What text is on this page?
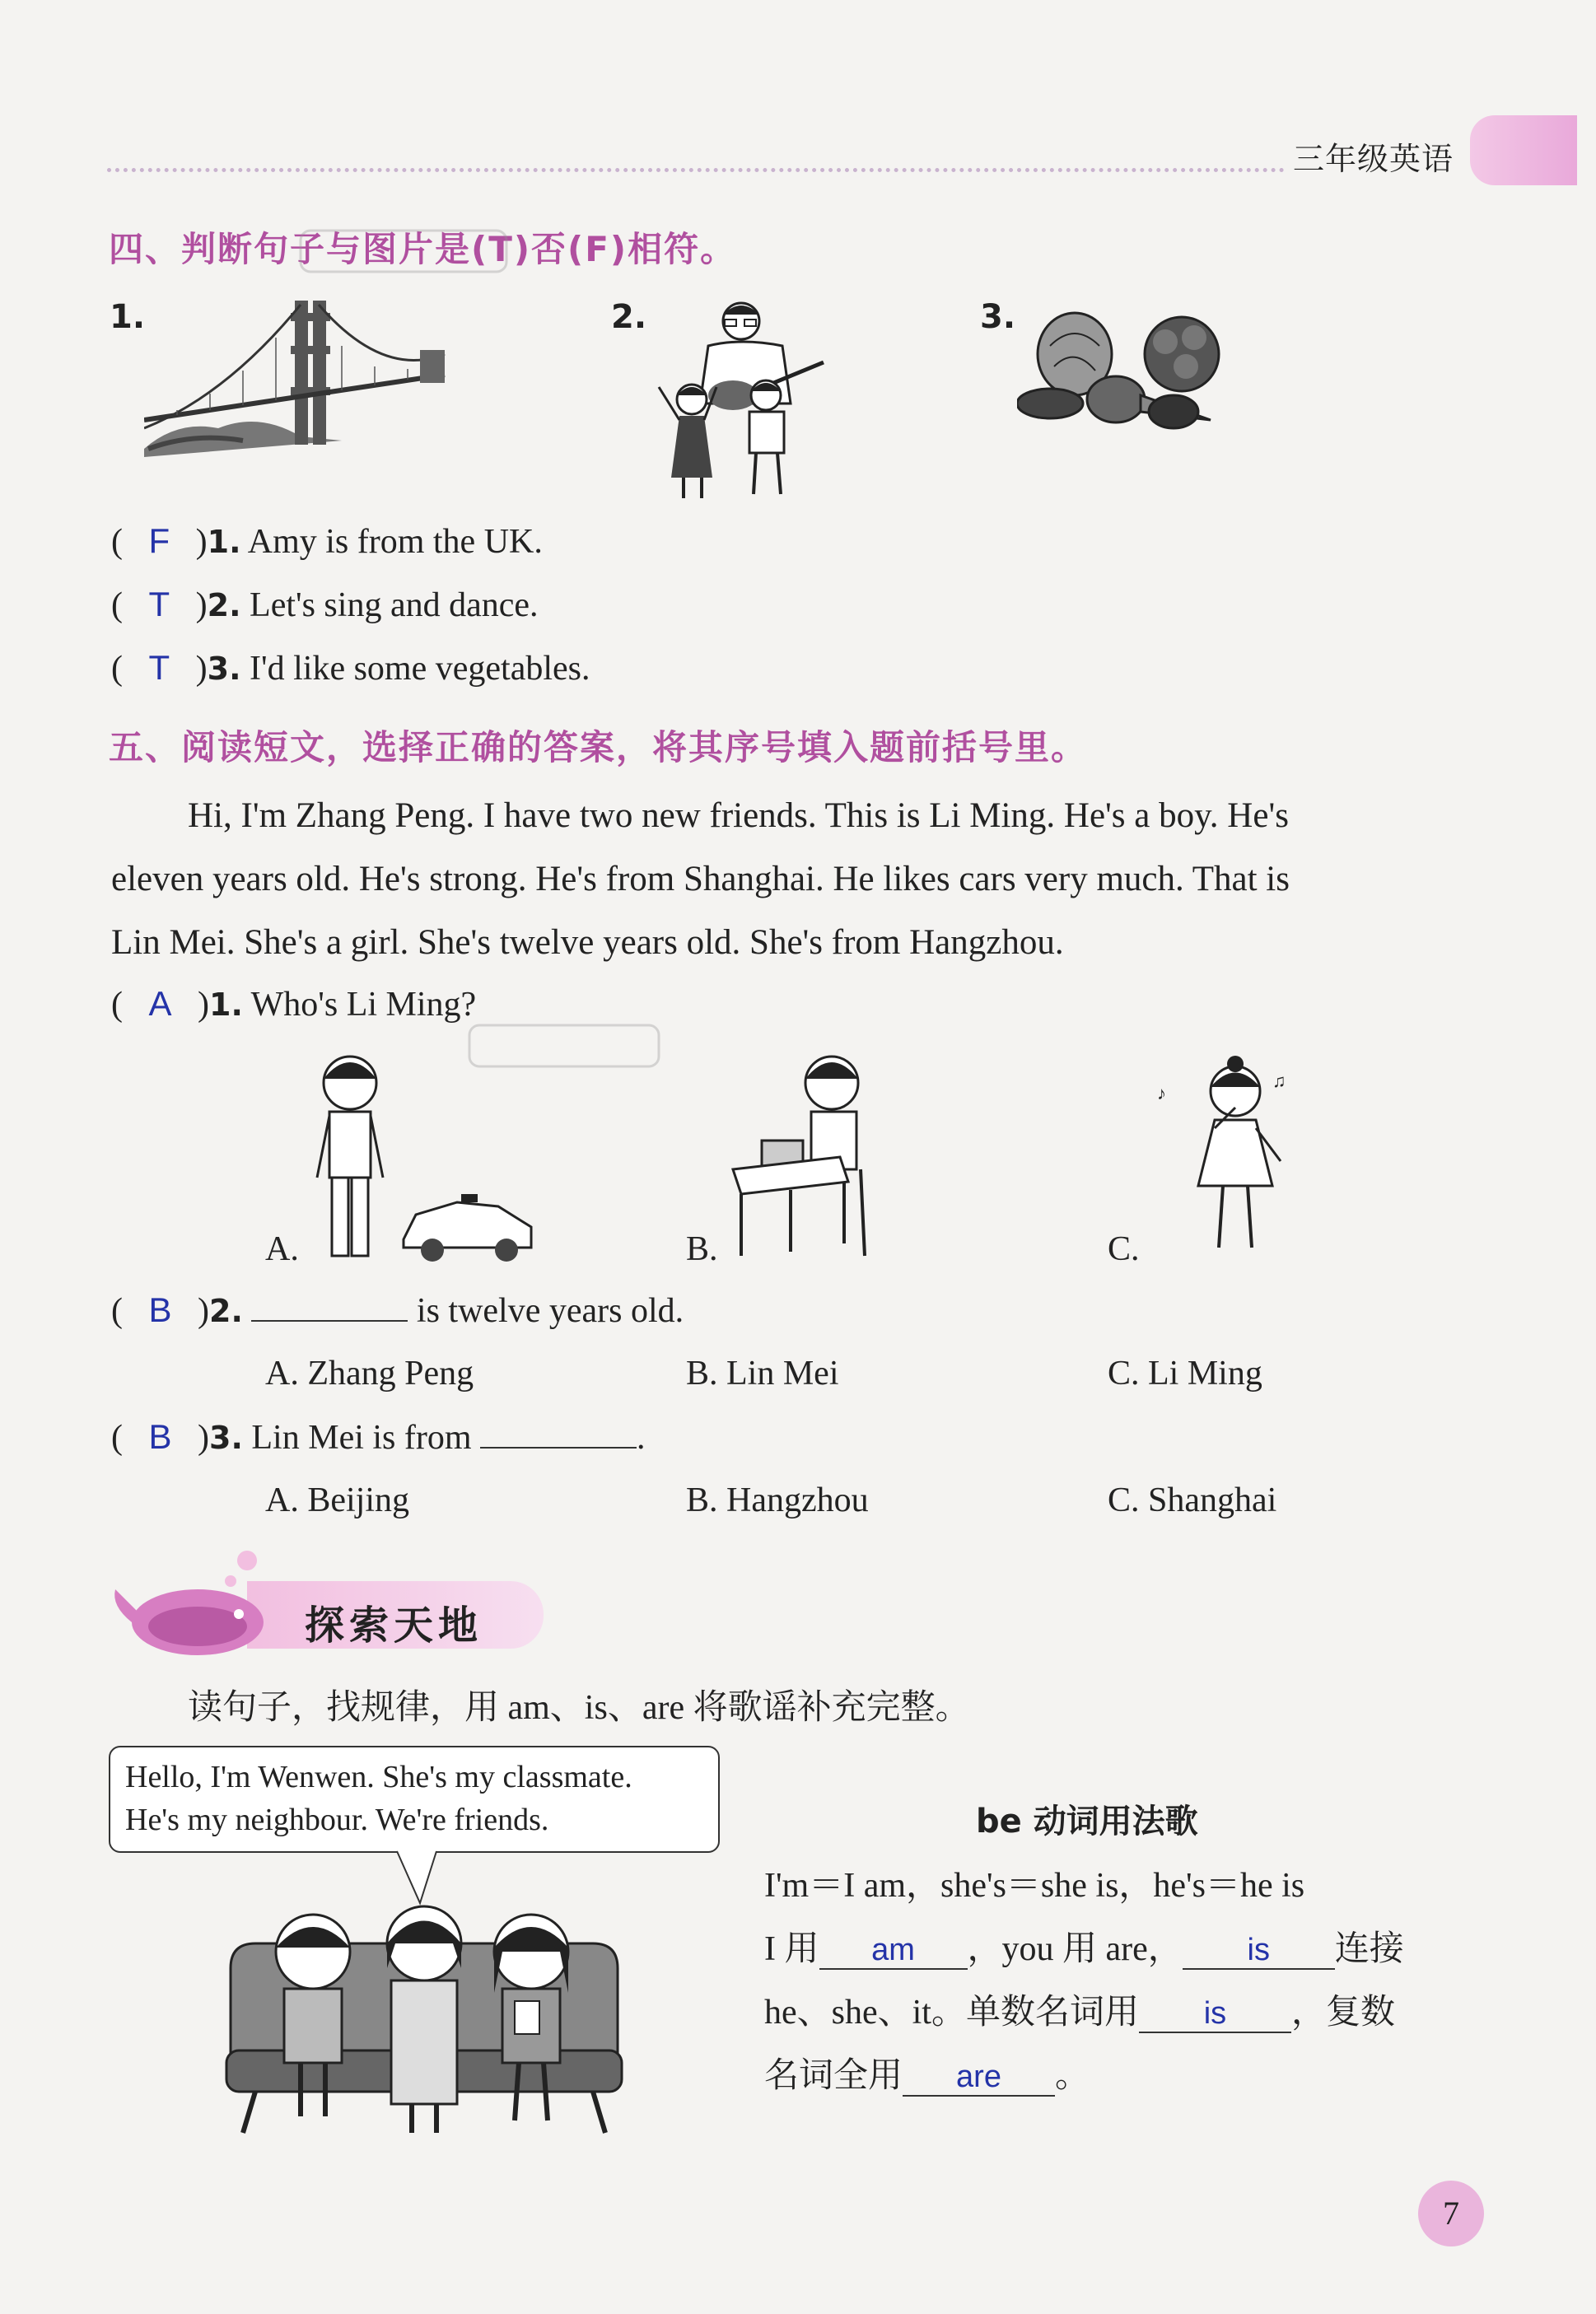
三年级英语
四、判断句子与图片是(T)否(F)相符。
1.	2.	3.
(   F   )1. Amy is from the UK.
(   T   )2. Let's sing and dance.
(   T   )3. I'd like some vegetables.
五、阅读短文，选择正确的答案，将其序号填入题前括号里。
Hi, I'm Zhang Peng. I have two new friends. This is Li Ming. He's a boy. He's
eleven years old. He's strong. He's from Shanghai. He likes cars very much. That is
Lin Mei. She's a girl. She's twelve years old. She's from Hangzhou.
(   A   )1. Who's Li Ming?
♪
♫
A.	B.	C.
(   B   )2.	is twelve years old.
A. Zhang Peng	B. Lin Mei	C. Li Ming
(   B   )3. Lin Mei is from	.
A. Beijing	B. Hangzhou	C. Shanghai
探索天地
读句子，找规律，用 am、is、are 将歌谣补充完整。
Hello, I'm Wenwen. She's my classmate.
He's my neighbour. We're friends.	be 动词用法歌
I'm＝I am，she's＝she is，he's＝he is
I 用 am ，you 用 are， is 连接
he、she、it。单数名词用 is ，复数
名词全用 are 。
7
